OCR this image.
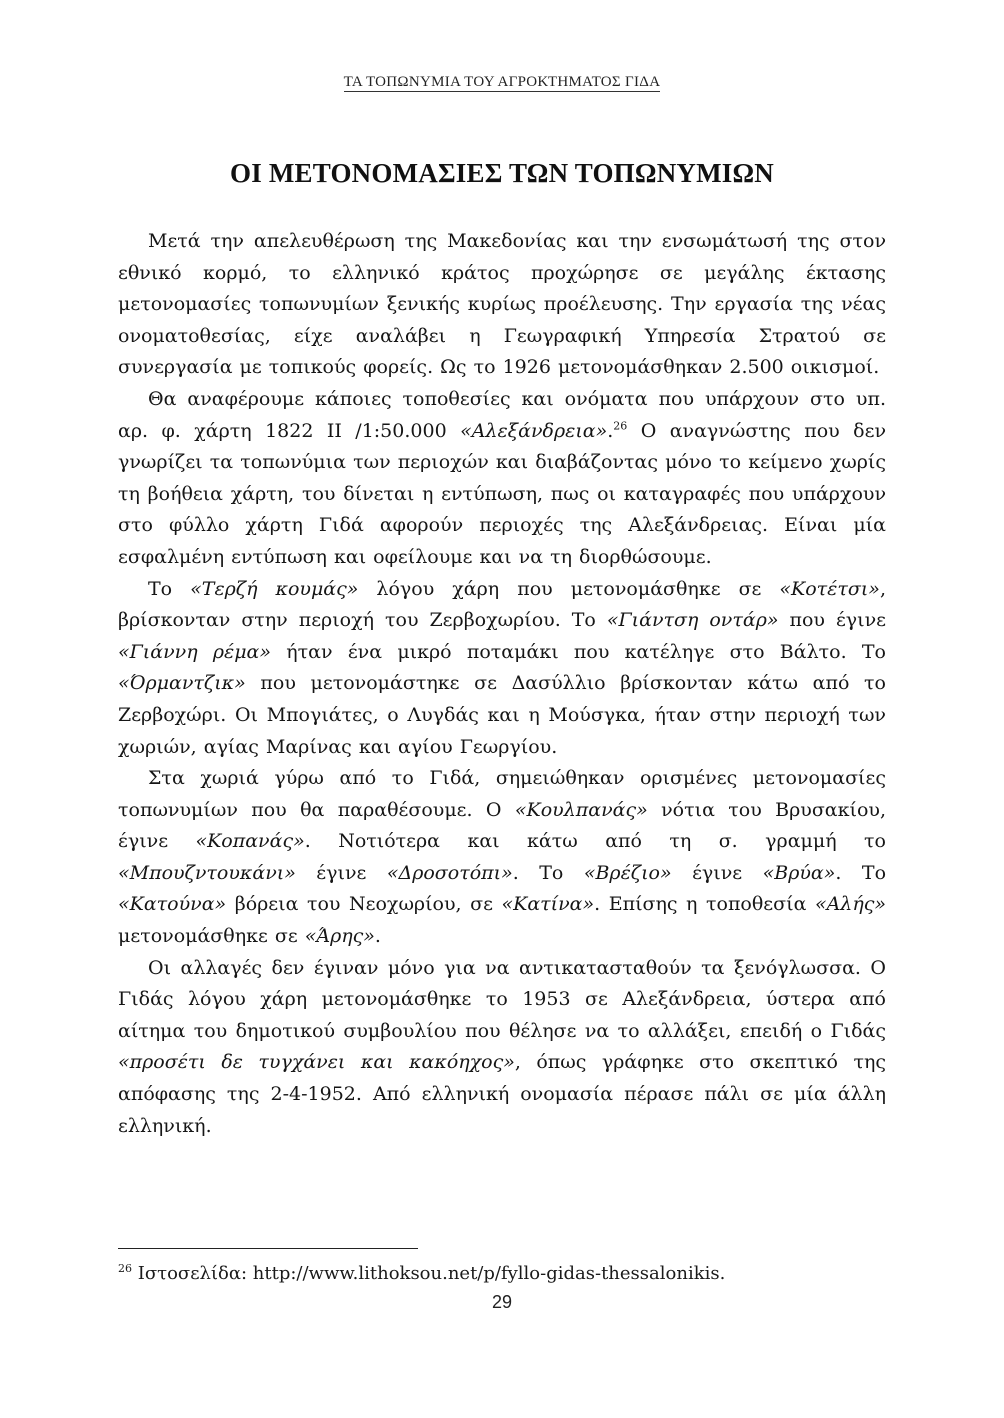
ΤΑ ΤΟΠΩΝΥΜΙΑ ΤΟΥ ΑΓΡΟΚΤΗΜΑΤΟΣ ΓΙΔΑ
ΟΙ ΜΕΤΟΝΟΜΑΣΙΕΣ ΤΩΝ ΤΟΠΩΝΥΜΙΩΝ

Μετά την απελευθέρωση της Μακεδονίας και την ενσωμάτωσή της στον εθνικό κορμό, το ελληνικό κράτος προχώρησε σε μεγάλης έκτασης μετονομασίες τοπωνυμίων ξενικής κυρίως προέλευσης. Την εργασία της νέας ονοματοθεσίας, είχε αναλάβει η Γεωγραφική Υπηρεσία Στρατού σε συνεργασία με τοπικούς φορείς. Ως το 1926 μετονομάσθηκαν 2.500 οικισμοί.

Θα αναφέρουμε κάποιες τοποθεσίες και ονόματα που υπάρχουν στο υπ. αρ. φ. χάρτη 1822 II /1:50.000 «Αλεξάνδρεια».$^{26}$ Ο αναγνώστης που δεν γνωρίζει τα τοπωνύμια των περιοχών και διαβάζοντας μόνο το κείμενο χωρίς τη βοήθεια χάρτη, του δίνεται η εντύπωση, πως οι καταγραφές που υπάρχουν στο φύλλο χάρτη Γιδά αφορούν περιοχές της Αλεξάνδρειας. Είναι μία εσφαλμένη εντύπωση και οφείλουμε και να τη διορθώσουμε.

Το «Τερζή κουμάς» λόγου χάρη που μετονομάσθηκε σε «Κοτέτσι», βρίσκονταν στην περιοχή του Ζερβοχωρίου. Το «Γιάντση οντάρ» που έγινε «Γιάννη ρέμα» ήταν ένα μικρό ποταμάκι που κατέληγε στο Βάλτο. Το «Όρμαντζικ» που μετονομάστηκε σε Δασύλλιο βρίσκονταν κάτω από το Ζερβοχώρι. Οι Μπογιάτες, ο Λυγδάς και η Μούσγκα, ήταν στην περιοχή των χωριών, αγίας Μαρίνας και αγίου Γεωργίου.

Στα χωριά γύρω από το Γιδά, σημειώθηκαν ορισμένες μετονομασίες τοπωνυμίων που θα παραθέσουμε. Ο «Κουλπανάς» νότια του Βρυσακίου, έγινε «Κοπανάς». Νοτιότερα και κάτω από τη σ. γραμμή το «Μπουζντουκάνι» έγινε «Δροσοτόπι». Το «Βρέζιο» έγινε «Βρύα». Το «Κατούνα» βόρεια του Νεοχωρίου, σε «Κατίνα». Επίσης η τοποθεσία «Αλής» μετονομάσθηκε σε «Άρης».

Οι αλλαγές δεν έγιναν μόνο για να αντικατασταθούν τα ξενόγλωσσα. Ο Γιδάς λόγου χάρη μετονομάσθηκε το 1953 σε Αλεξάνδρεια, ύστερα από αίτημα του δημοτικού συμβουλίου που θέλησε να το αλλάξει, επειδή ο Γιδάς «προσέτι δε τυγχάνει και κακόηχος», όπως γράφηκε στο σκεπτικό της απόφασης της 2-4-1952. Από ελληνική ονομασία πέρασε πάλι σε μία άλλη ελληνική.

$^{26}$ Ιστοσελίδα: http://www.lithoksou.net/p/fyllo-gidas-thessalonikis.
29
